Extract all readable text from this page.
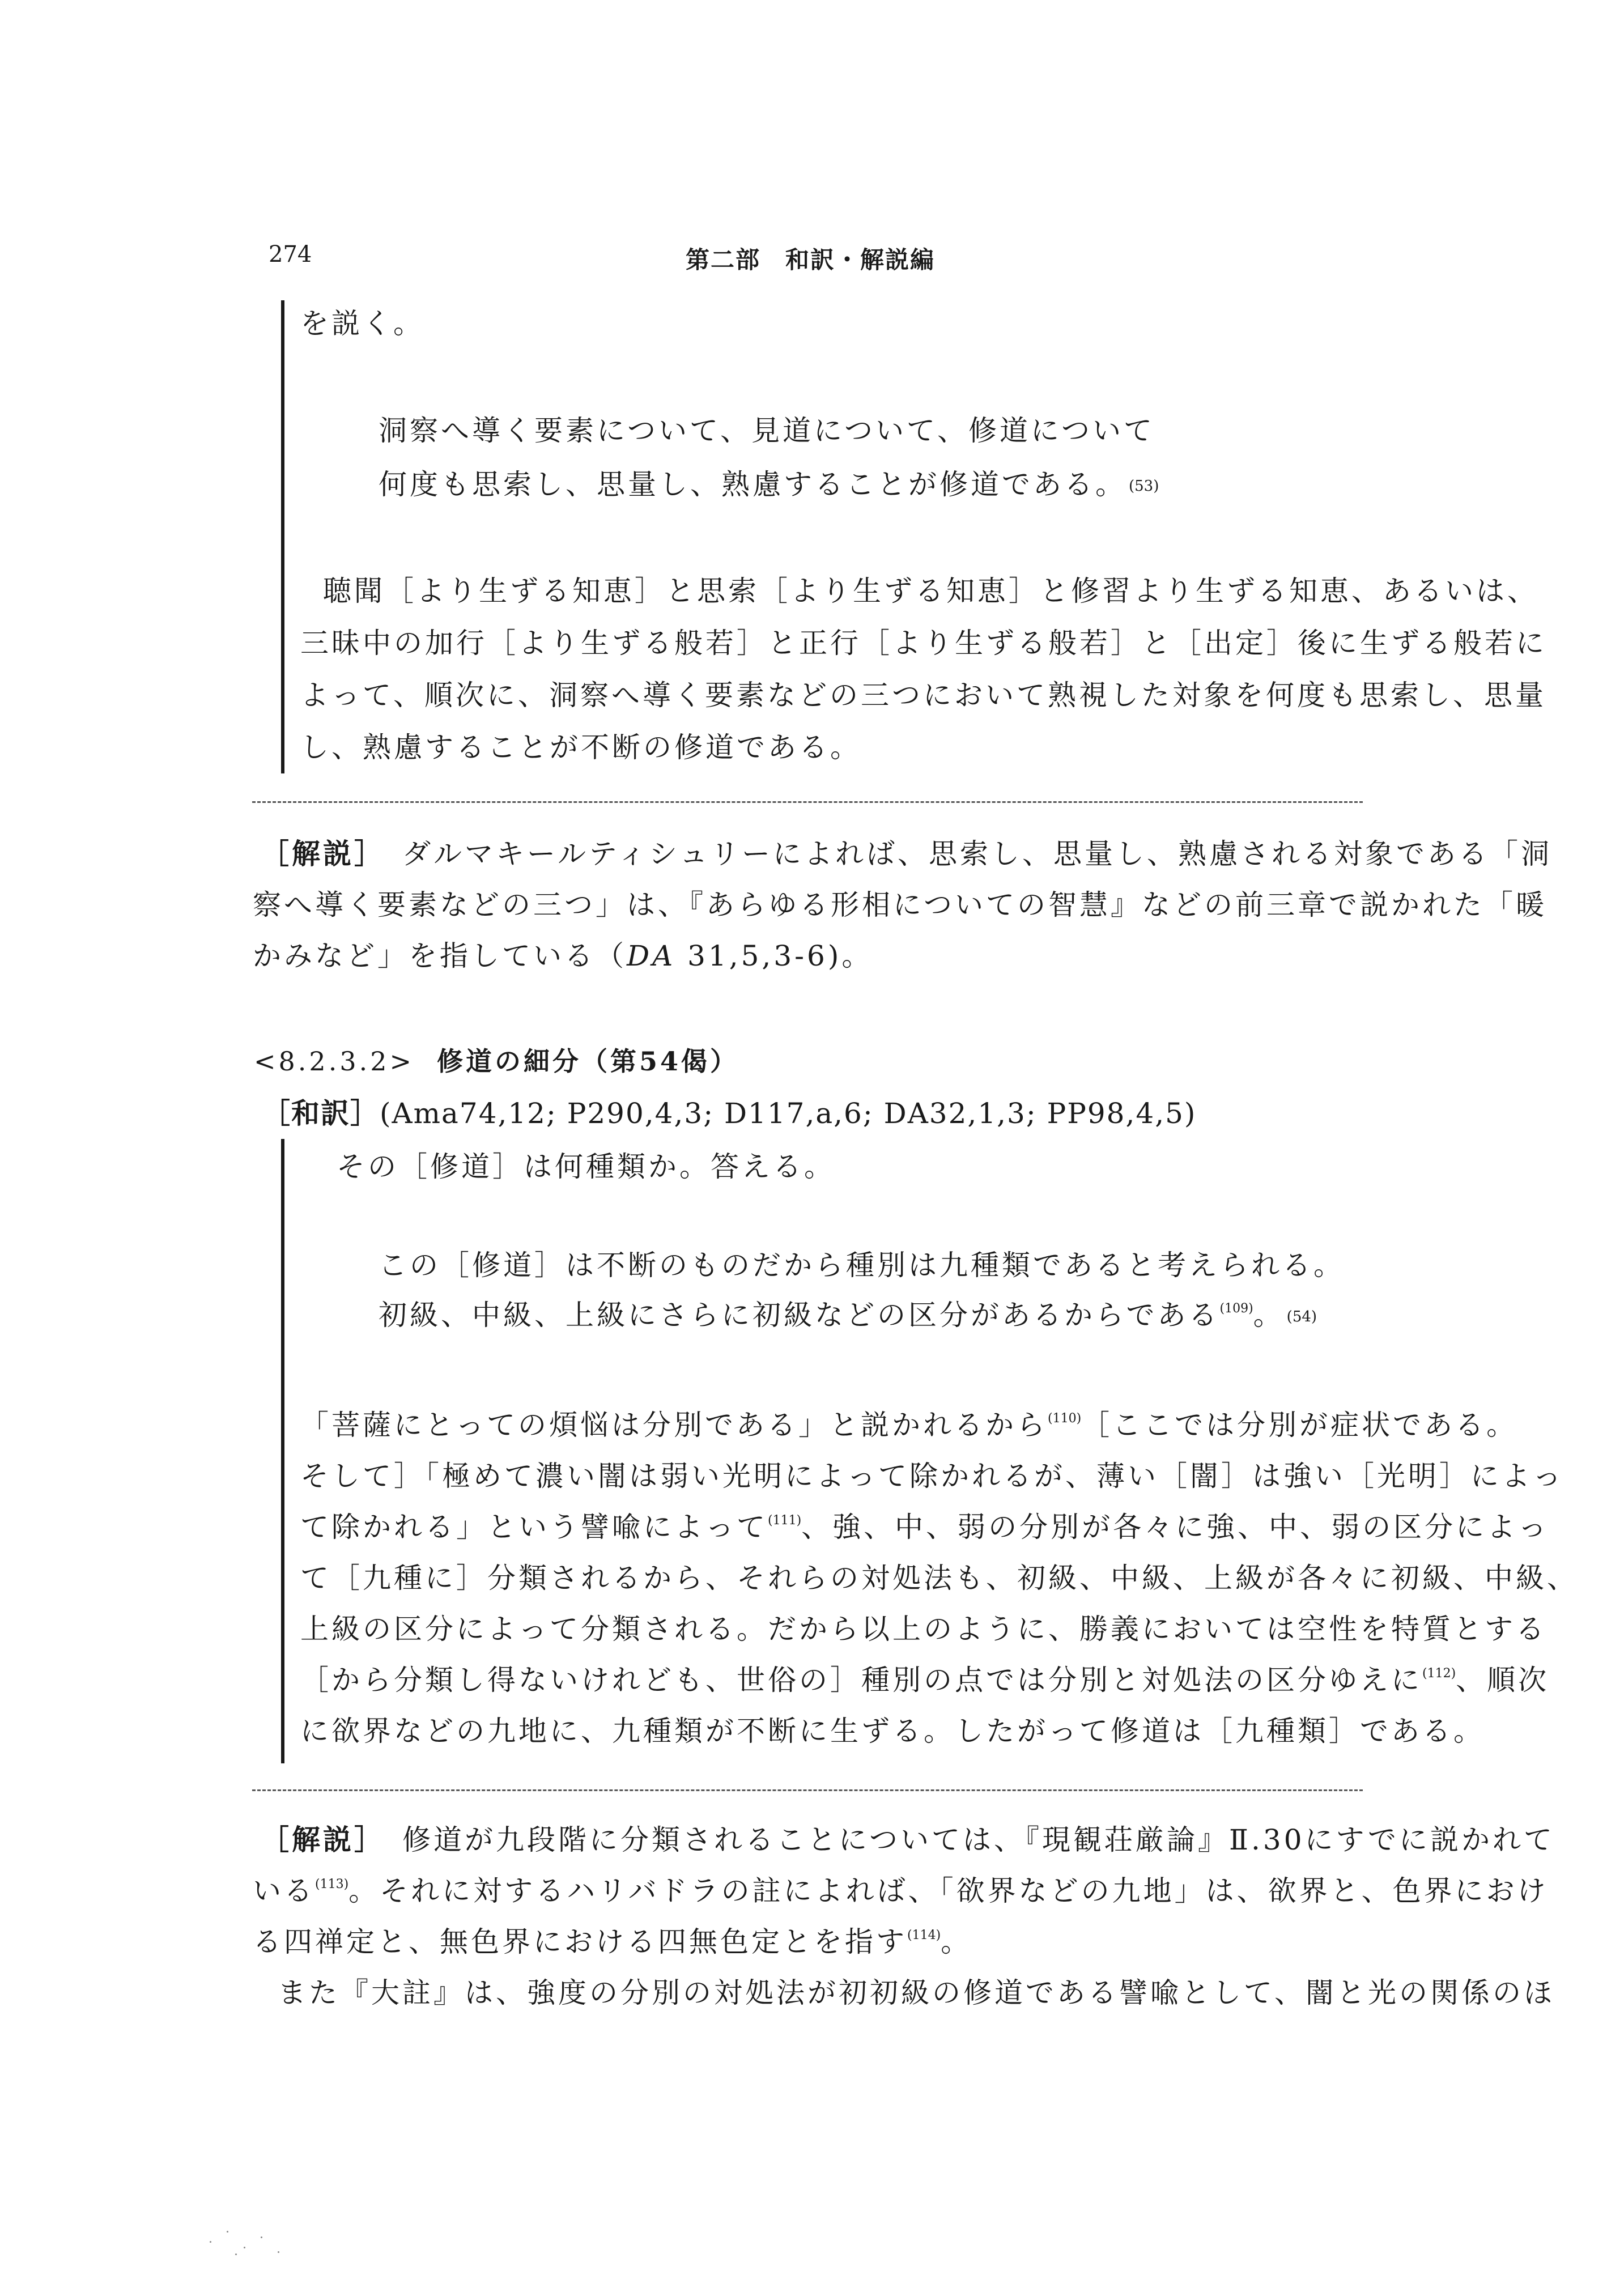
274	第二部　和訳・解説編
を説く。
洞察へ導く要素について、見道について、修道について
何度も思索し、思量し、熟慮することが修道である。 (53)
聴聞［より生ずる知恵］と思索［より生ずる知恵］と修習より生ずる知恵、あるいは、
三昧中の加行［より生ずる般若］と正行［より生ずる般若］と［出定］後に生ずる般若に
よって、順次に、洞察へ導く要素などの三つにおいて熟視した対象を何度も思索し、思量
し、熟慮することが不断の修道である。
［解説］ ダルマキールティシュリーによれば、思索し、思量し、熟慮される対象である「洞
察へ導く要素などの三つ」は、『あらゆる形相についての智慧』などの前三章で説かれた「暖
かみなど」を指している（DA 31,5,3-6)。
<8.2.3.2> 修道の細分（第54偈）
［和訳］(Ama74,12; P290,4,3; D117,a,6; DA32,1,3; PP98,4,5)
その［修道］は何種類か。答える。
この［修道］は不断のものだから種別は九種類であると考えられる。
初級、中級、上級にさらに初級などの区分があるからである$^{(109)}$。 (54)
「菩薩にとっての煩悩は分別である」と説かれるから$^{(110)}$［ここでは分別が症状である。
そして］「極めて濃い闇は弱い光明によって除かれるが、薄い［闇］は強い［光明］によっ
て除かれる」という譬喩によって$^{(111)}$、強、中、弱の分別が各々に強、中、弱の区分によっ
て［九種に］分類されるから、それらの対処法も、初級、中級、上級が各々に初級、中級、
上級の区分によって分類される。だから以上のように、勝義においては空性を特質とする
［から分類し得ないけれども、世俗の］種別の点では分別と対処法の区分ゆえに$^{(112)}$、順次
に欲界などの九地に、九種類が不断に生ずる。したがって修道は［九種類］である。
［解説］ 修道が九段階に分類されることについては、『現観荘厳論』Ⅱ.30にすでに説かれて
いる$^{(113)}$。それに対するハリバドラの註によれば、「欲界などの九地」は、欲界と、色界におけ
る四禅定と、無色界における四無色定とを指す$^{(114)}$。
また『大註』は、強度の分別の対処法が初初級の修道である譬喩として、闇と光の関係のほ
